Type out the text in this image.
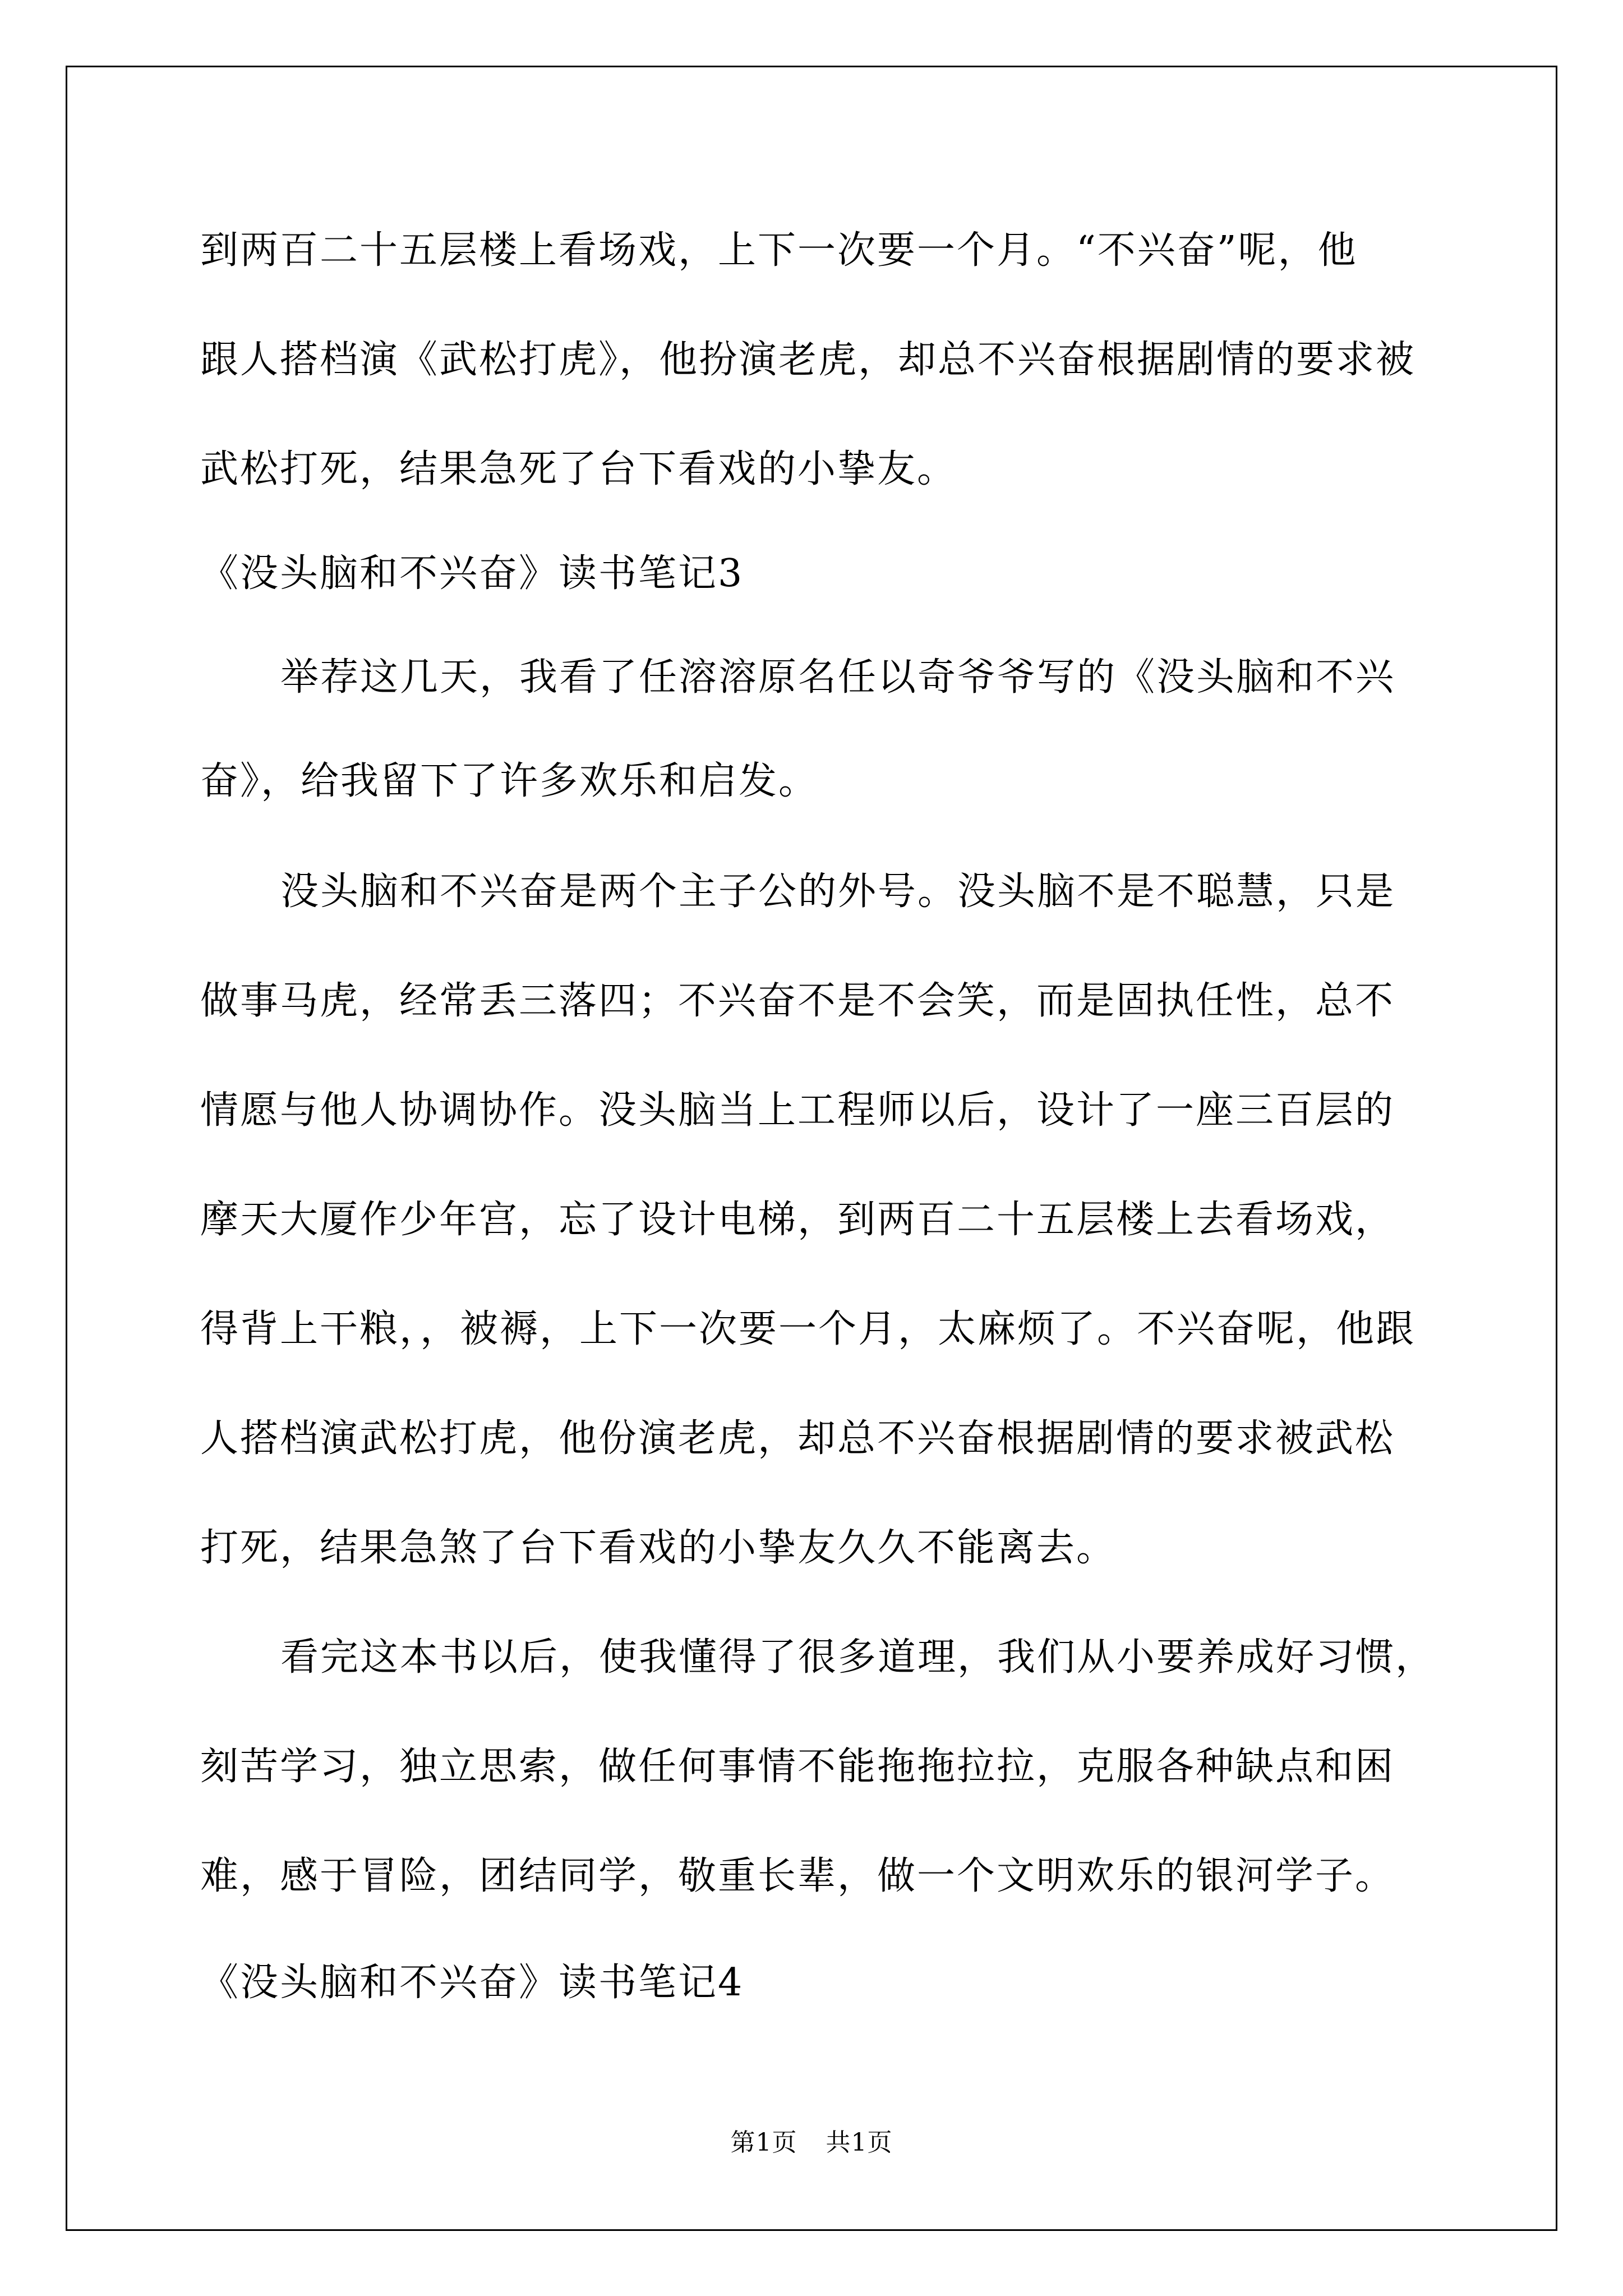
到两百二十五层楼上看场戏，上下一次要一个月。“不兴奋”呢，他
跟人搭档演《武松打虎》，他扮演老虎，却总不兴奋根据剧情的要求被
武松打死，结果急死了台下看戏的小挚友。
《没头脑和不兴奋》读书笔记3
举荐这几天，我看了任溶溶原名任以奇爷爷写的《没头脑和不兴
奋》，给我留下了许多欢乐和启发。
没头脑和不兴奋是两个主子公的外号。没头脑不是不聪慧，只是
做事马虎，经常丢三落四；不兴奋不是不会笑，而是固执任性，总不
情愿与他人协调协作。没头脑当上工程师以后，设计了一座三百层的
摩天大厦作少年宫，忘了设计电梯，到两百二十五层楼上去看场戏，
得背上干粮，，被褥，上下一次要一个月，太麻烦了。不兴奋呢，他跟
人搭档演武松打虎，他份演老虎，却总不兴奋根据剧情的要求被武松
打死，结果急煞了台下看戏的小挚友久久不能离去。
看完这本书以后，使我懂得了很多道理，我们从小要养成好习惯，
刻苦学习，独立思索，做任何事情不能拖拖拉拉，克服各种缺点和困
难，感于冒险，团结同学，敬重长辈，做一个文明欢乐的银河学子。
《没头脑和不兴奋》读书笔记4
第1页 共1页
